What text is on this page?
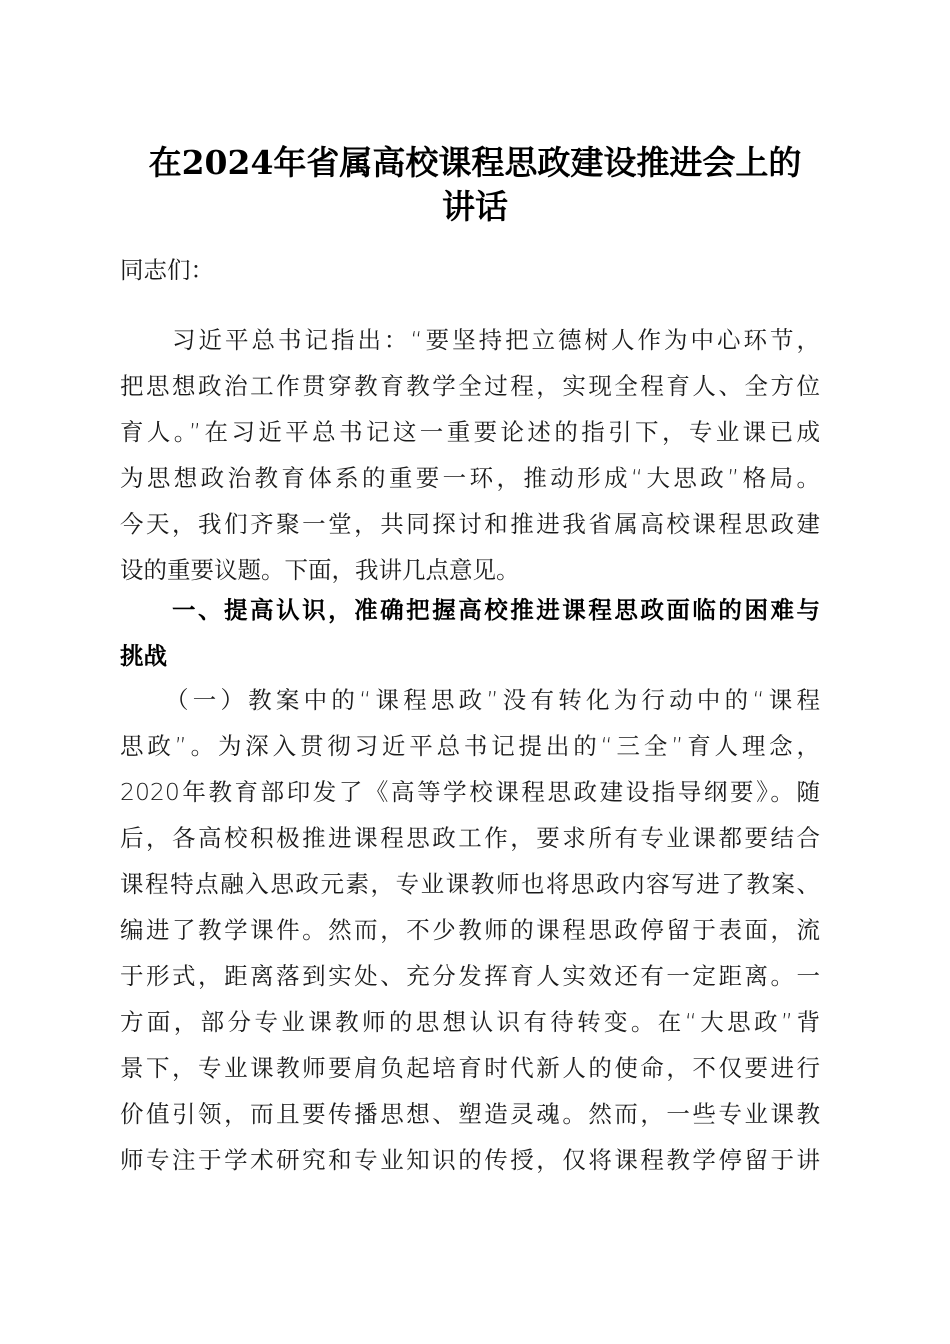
在2024年省属高校课程思政建设推进会上的
讲话
同志们：
习近平总书记指出：“要坚持把立德树人作为中心环节，
把思想政治工作贯穿教育教学全过程，实现全程育人、全方位
育人。”在习近平总书记这一重要论述的指引下，专业课已成
为思想政治教育体系的重要一环，推动形成“大思政”格局。
今天，我们齐聚一堂，共同探讨和推进我省属高校课程思政建
设的重要议题。下面，我讲几点意见。
一、提高认识，准确把握高校推进课程思政面临的困难与
挑战
（一）教案中的“课程思政”没有转化为行动中的“课程
思政”。为深入贯彻习近平总书记提出的“三全”育人理念，
2020年教育部印发了《高等学校课程思政建设指导纲要》。随
后，各高校积极推进课程思政工作，要求所有专业课都要结合
课程特点融入思政元素，专业课教师也将思政内容写进了教案、
编进了教学课件。然而，不少教师的课程思政停留于表面，流
于形式，距离落到实处、充分发挥育人实效还有一定距离。一
方面，部分专业课教师的思想认识有待转变。在“大思政”背
景下，专业课教师要肩负起培育时代新人的使命，不仅要进行
价值引领，而且要传播思想、塑造灵魂。然而，一些专业课教
师专注于学术研究和专业知识的传授，仅将课程教学停留于讲
